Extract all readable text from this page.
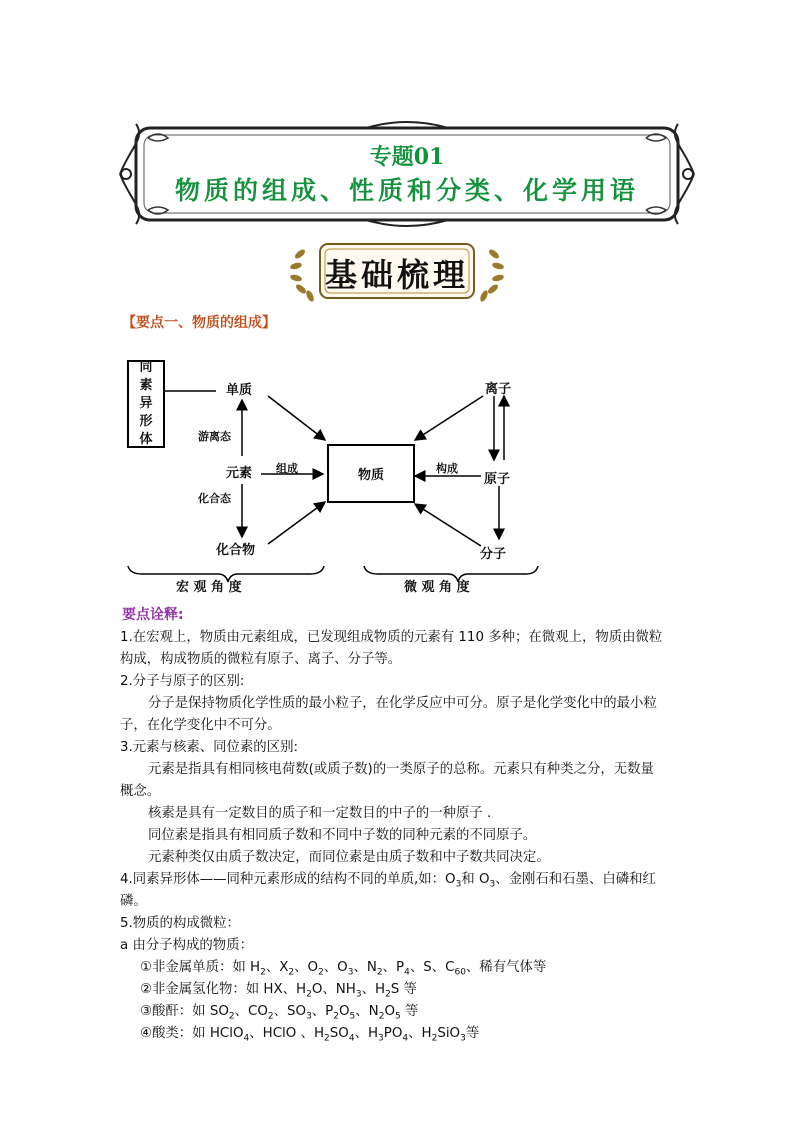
专题01
物质的组成、性质和分类、化学用语
基础梳理
【要点一、物质的组成】
同素异形体
单质
游离态
元素 组成
化合态
化合物
物质
离子
构成
原子
分子
宏 观 角 度	微 观 角 度
要点诠释:
1.在宏观上，物质由元素组成，已发现组成物质的元素有 110 多种；在微观上，物质由微粒
构成，构成物质的微粒有原子、离子、分子等。
2.分子与原子的区别:
分子是保持物质化学性质的最小粒子，在化学反应中可分。原子是化学变化中的最小粒
子，在化学变化中不可分。
3.元素与核素、同位素的区别:
元素是指具有相同核电荷数(或质子数)的一类原子的总称。元素只有种类之分，无数量
概念。
核素是具有一定数目的质子和一定数目的中子的一种原子 .
同位素是指具有相同质子数和不同中子数的同种元素的不同原子。
元素种类仅由质子数决定，而同位素是由质子数和中子数共同决定。
4.同素异形体——同种元素形成的结构不同的单质,如：$O_3$和 $O_3$、金刚石和石墨、白磷和红
磷。
5.物质的构成微粒：
a 由分子构成的物质：
①非金属单质：如 $H_2$、$X_2$、$O_2$、$O_3$、$N_2$、$P_4$、S、$C_{60}$、稀有气体等
②非金属氢化物：如 HX、$H_2O$、$NH_3$、$H_2S$ 等
③酸酐：如 $SO_2$、$CO_2$、$SO_3$、$P_2O_5$、$N_2O_5$ 等
④酸类：如 HClO$_4$、HClO 、$H_2SO_4$、$H_3PO_4$、$H_2SiO_3$等
